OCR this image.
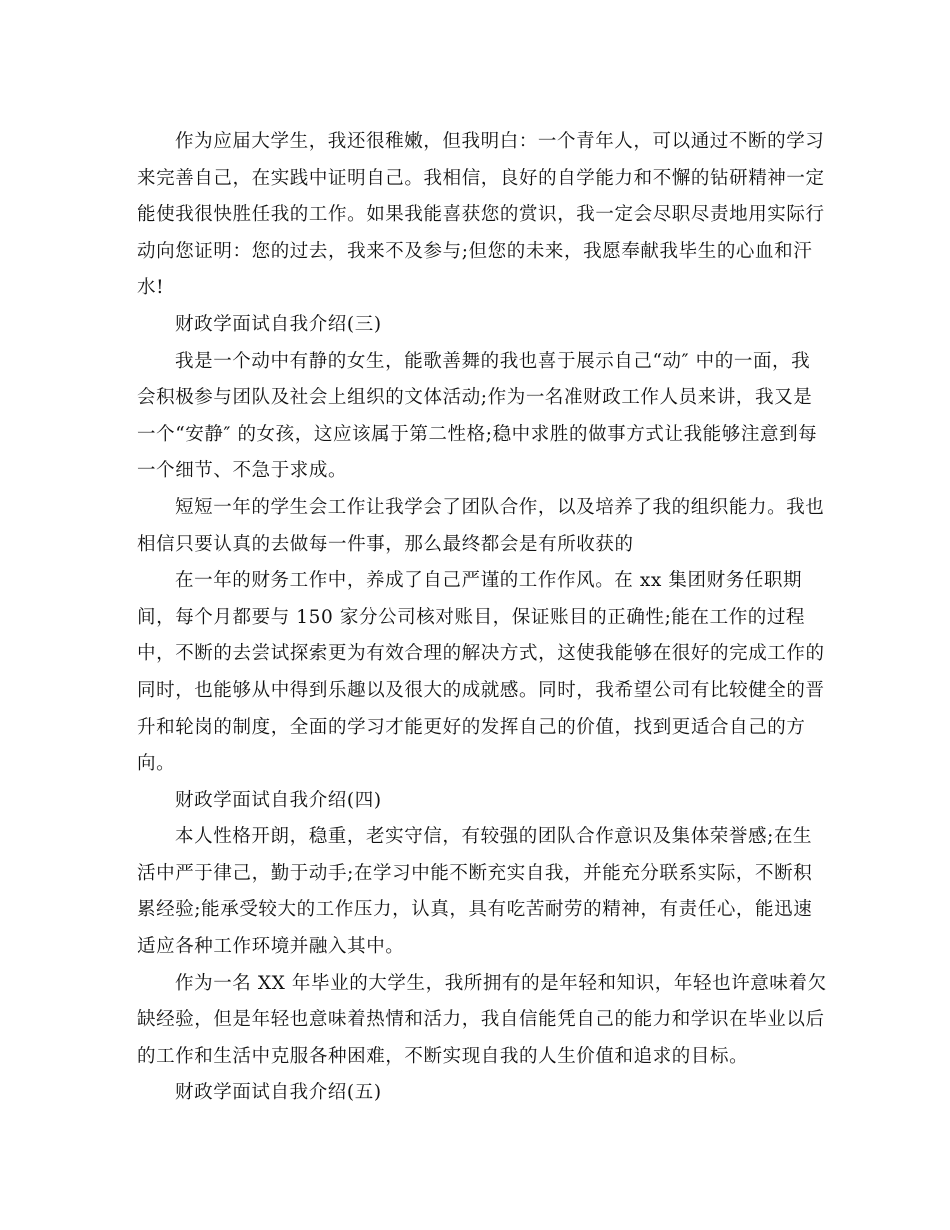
作为应届大学生，我还很稚嫩，但我明白：一个青年人，可以通过不断的学习
来完善自己，在实践中证明自己。我相信，良好的自学能力和不懈的钻研精神一定
能使我很快胜任我的工作。如果我能喜获您的赏识，我一定会尽职尽责地用实际行
动向您证明：您的过去，我来不及参与;但您的未来，我愿奉献我毕生的心血和汗
水!
财政学面试自我介绍(三)
我是一个动中有静的女生，能歌善舞的我也喜于展示自己“动″ 中的一面，我
会积极参与团队及社会上组织的文体活动;作为一名准财政工作人员来讲，我又是
一个“安静″ 的女孩，这应该属于第二性格;稳中求胜的做事方式让我能够注意到每
一个细节、不急于求成。
短短一年的学生会工作让我学会了团队合作，以及培养了我的组织能力。我也
相信只要认真的去做每一件事，那么最终都会是有所收获的
在一年的财务工作中，养成了自己严谨的工作作风。在 xx 集团财务任职期
间，每个月都要与 150 家分公司核对账目，保证账目的正确性;能在工作的过程
中，不断的去尝试探索更为有效合理的解决方式，这使我能够在很好的完成工作的
同时，也能够从中得到乐趣以及很大的成就感。同时，我希望公司有比较健全的晋
升和轮岗的制度，全面的学习才能更好的发挥自己的价值，找到更适合自己的方
向。
财政学面试自我介绍(四)
本人性格开朗，稳重，老实守信，有较强的团队合作意识及集体荣誉感;在生
活中严于律己，勤于动手;在学习中能不断充实自我，并能充分联系实际，不断积
累经验;能承受较大的工作压力，认真，具有吃苦耐劳的精神，有责任心，能迅速
适应各种工作环境并融入其中。
作为一名 XX 年毕业的大学生，我所拥有的是年轻和知识，年轻也许意味着欠
缺经验，但是年轻也意味着热情和活力，我自信能凭自己的能力和学识在毕业以后
的工作和生活中克服各种困难，不断实现自我的人生价值和追求的目标。
财政学面试自我介绍(五)
